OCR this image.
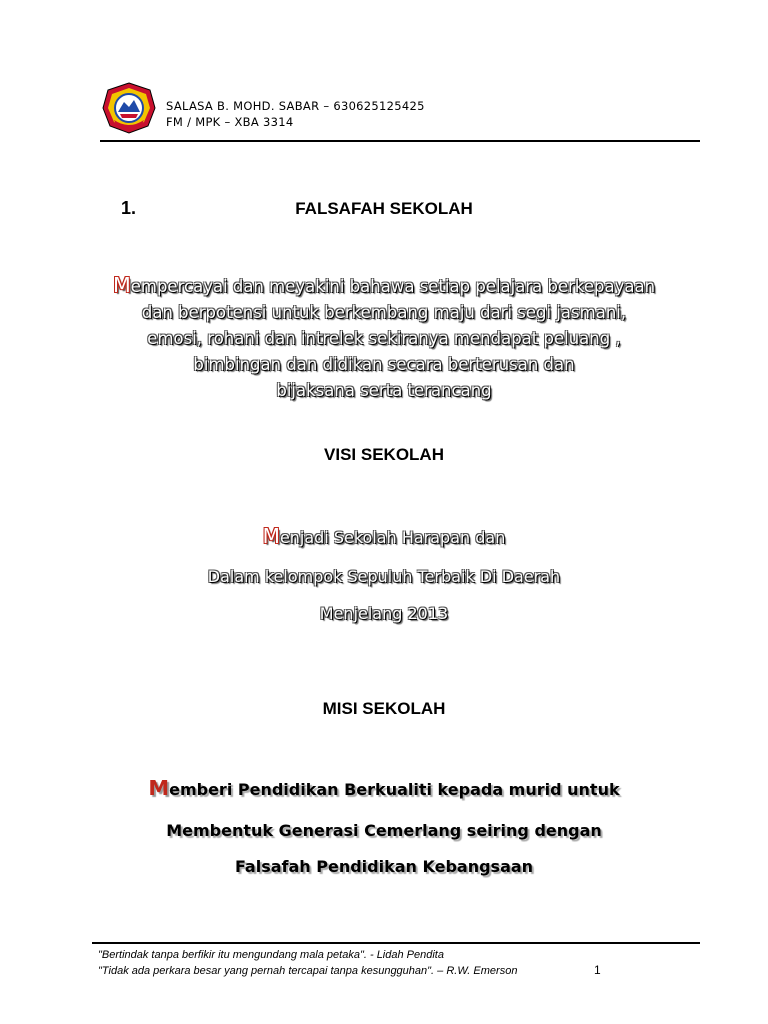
SALASA B. MOHD. SABAR – 630625125425
FM / MPK – XBA 3314
1.	FALSAFAH SEKOLAH
Mempercayai dan meyakini bahawa setiap pelajara berkepayaan
dan berpotensi untuk berkembang maju dari segi jasmani,
emosi, rohani dan intrelek sekiranya mendapat peluang ,
bimbingan dan didikan secara berterusan dan
bijaksana serta terancang
VISI SEKOLAH
Menjadi Sekolah Harapan dan
Dalam kelompok Sepuluh Terbaik Di Daerah
Menjelang 2013
MISI SEKOLAH
Memberi Pendidikan Berkualiti kepada murid untuk
Membentuk Generasi Cemerlang seiring dengan
Falsafah Pendidikan Kebangsaan
"Bertindak tanpa berfikir itu mengundang mala petaka". - Lidah Pendita
"Tidak ada perkara besar yang pernah tercapai tanpa kesungguhan". – R.W. Emerson	1
